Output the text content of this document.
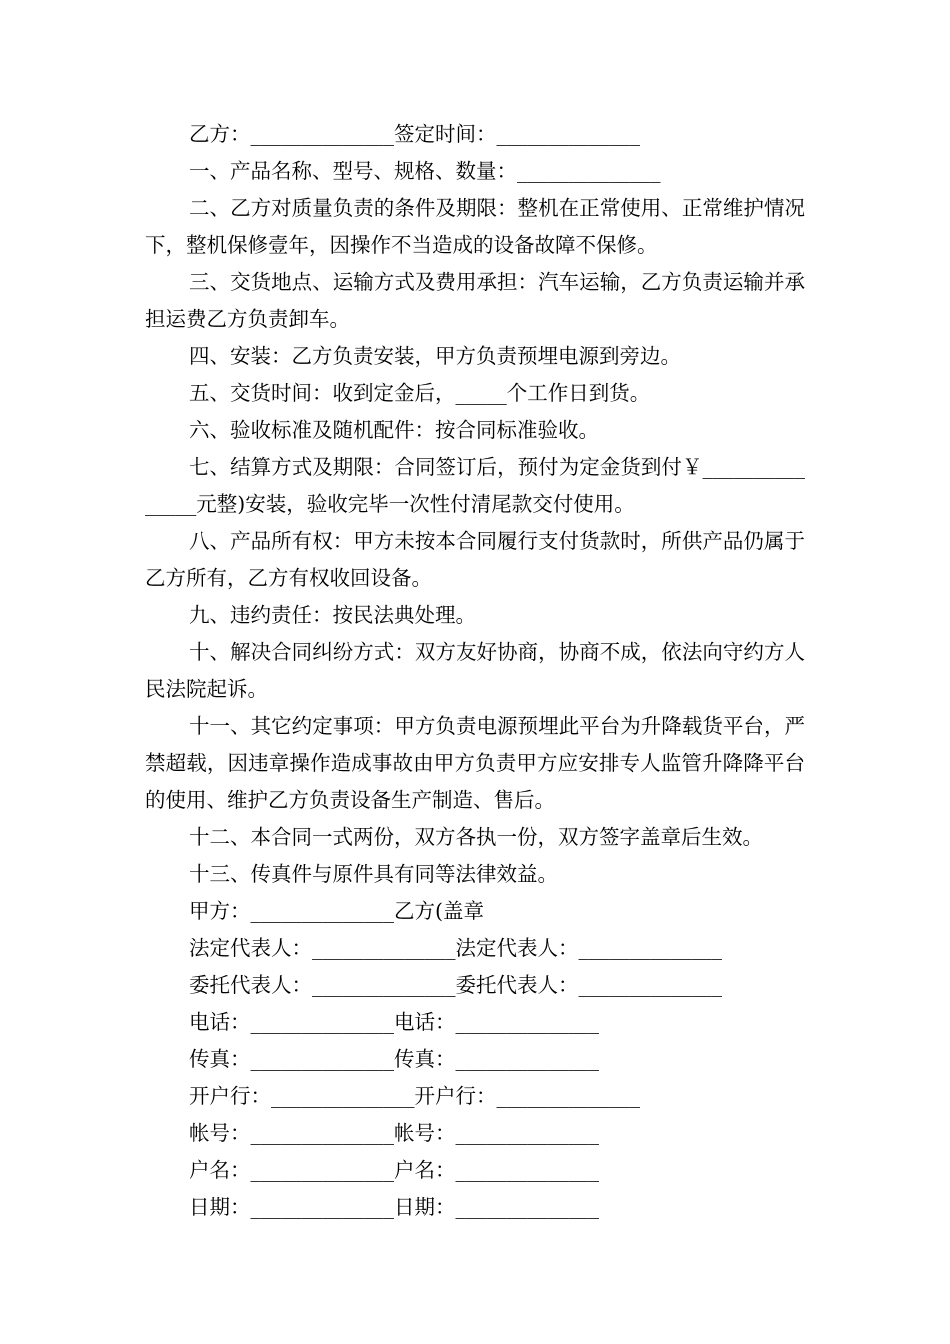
乙方：______________签定时间：______________

一、产品名称、型号、规格、数量：______________

二、乙方对质量负责的条件及期限：整机在正常使用、正常维护情况下，整机保修壹年，因操作不当造成的设备故障不保修。

三、交货地点、运输方式及费用承担：汽车运输，乙方负责运输并承担运费乙方负责卸车。

四、安装：乙方负责安装，甲方负责预埋电源到旁边。

五、交货时间：收到定金后，_____个工作日到货。

六、验收标准及随机配件：按合同标准验收。

七、结算方式及期限：合同签订后，预付为定金货到付￥_______________元整)安装，验收完毕一次性付清尾款交付使用。

八、产品所有权：甲方未按本合同履行支付货款时，所供产品仍属于乙方所有，乙方有权收回设备。

九、违约责任：按民法典处理。

十、解决合同纠纷方式：双方友好协商，协商不成，依法向守约方人民法院起诉。

十一、其它约定事项：甲方负责电源预埋此平台为升降载货平台，严禁超载，因违章操作造成事故由甲方负责甲方应安排专人监管升降降平台的使用、维护乙方负责设备生产制造、售后。

十二、本合同一式两份，双方各执一份，双方签字盖章后生效。

十三、传真件与原件具有同等法律效益。

甲方：______________乙方(盖章

法定代表人：______________法定代表人：______________

委托代表人：______________委托代表人：______________

电话：______________电话：______________

传真：______________传真：______________

开户行：______________开户行：______________

帐号：______________帐号：______________

户名：______________户名：______________

日期：______________日期：______________
